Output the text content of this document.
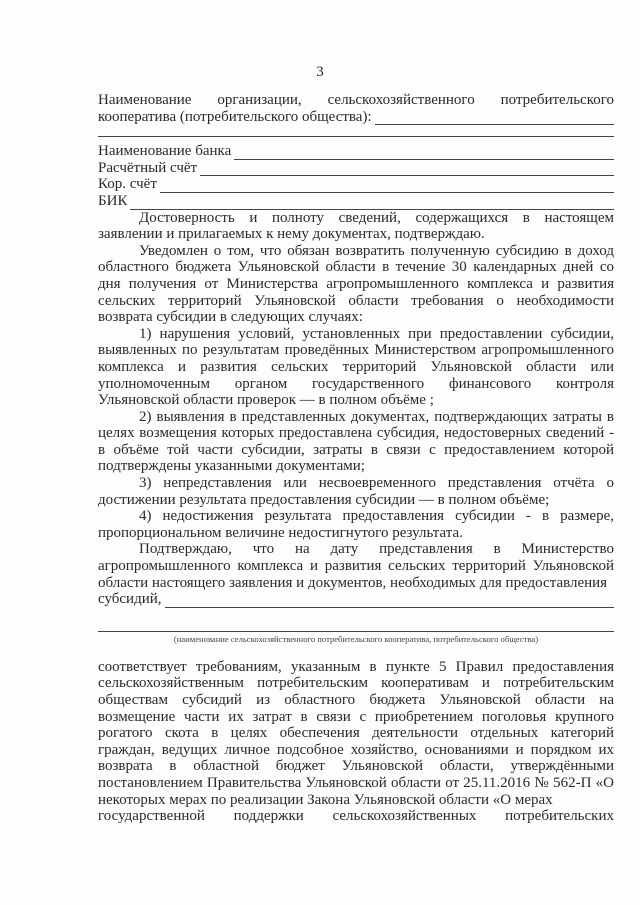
3
Наименование организации, сельскохозяйственного потребительского
кооператива (потребительского общества):
Наименование банка
Расчётный счёт
Кор. счёт
БИК
Достоверность и полноту сведений, содержащихся в настоящем
заявлении и прилагаемых к нему документах, подтверждаю.
Уведомлен о том, что обязан возвратить полученную субсидию в доход областного бюджета Ульяновской области в течение 30 календарных дней со дня получения от Министерства агропромышленного комплекса и развития сельских территорий Ульяновской области требования о необходимости возврата субсидии в следующих случаях:
1) нарушения условий, установленных при предоставлении субсидии, выявленных по результатам проведённых Министерством агропромышленного комплекса и развития сельских территорий Ульяновской области или уполномоченным органом государственного финансового контроля Ульяновской области проверок — в полном объёме ;
2) выявления в представленных документах, подтверждающих затраты в целях возмещения которых предоставлена субсидия, недостоверных сведений - в объёме той части субсидии, затраты в связи с предоставлением которой подтверждены указанными документами;
3) непредставления или несвоевременного представления отчёта о достижении результата предоставления субсидии — в полном объёме;
4) недостижения результата предоставления субсидии - в размере, пропорциональном величине недостигнутого результата.
Подтверждаю, что на дату представления в Министерство агропромышленного комплекса и развития сельских территорий Ульяновской области настоящего заявления и документов, необходимых для предоставления
субсидий,
(наименование сельскохозяйственного потребительского кооператива, потребительского общества)
соответствует требованиям, указанным в пункте 5 Правил предоставления сельскохозяйственным потребительским кооперативам и потребительским обществам субсидий из областного бюджета Ульяновской области на возмещение части их затрат в связи с приобретением поголовья крупного рогатого скота в целях обеспечения деятельности отдельных категорий граждан, ведущих личное подсобное хозяйство, основаниями и порядком их возврата в областной бюджет Ульяновской области, утверждёнными постановлением Правительства Ульяновской области от 25.11.2016 № 562-П «О некоторых мерах по реализации Закона Ульяновской области «О мерах
государственной поддержки сельскохозяйственных потребительских
